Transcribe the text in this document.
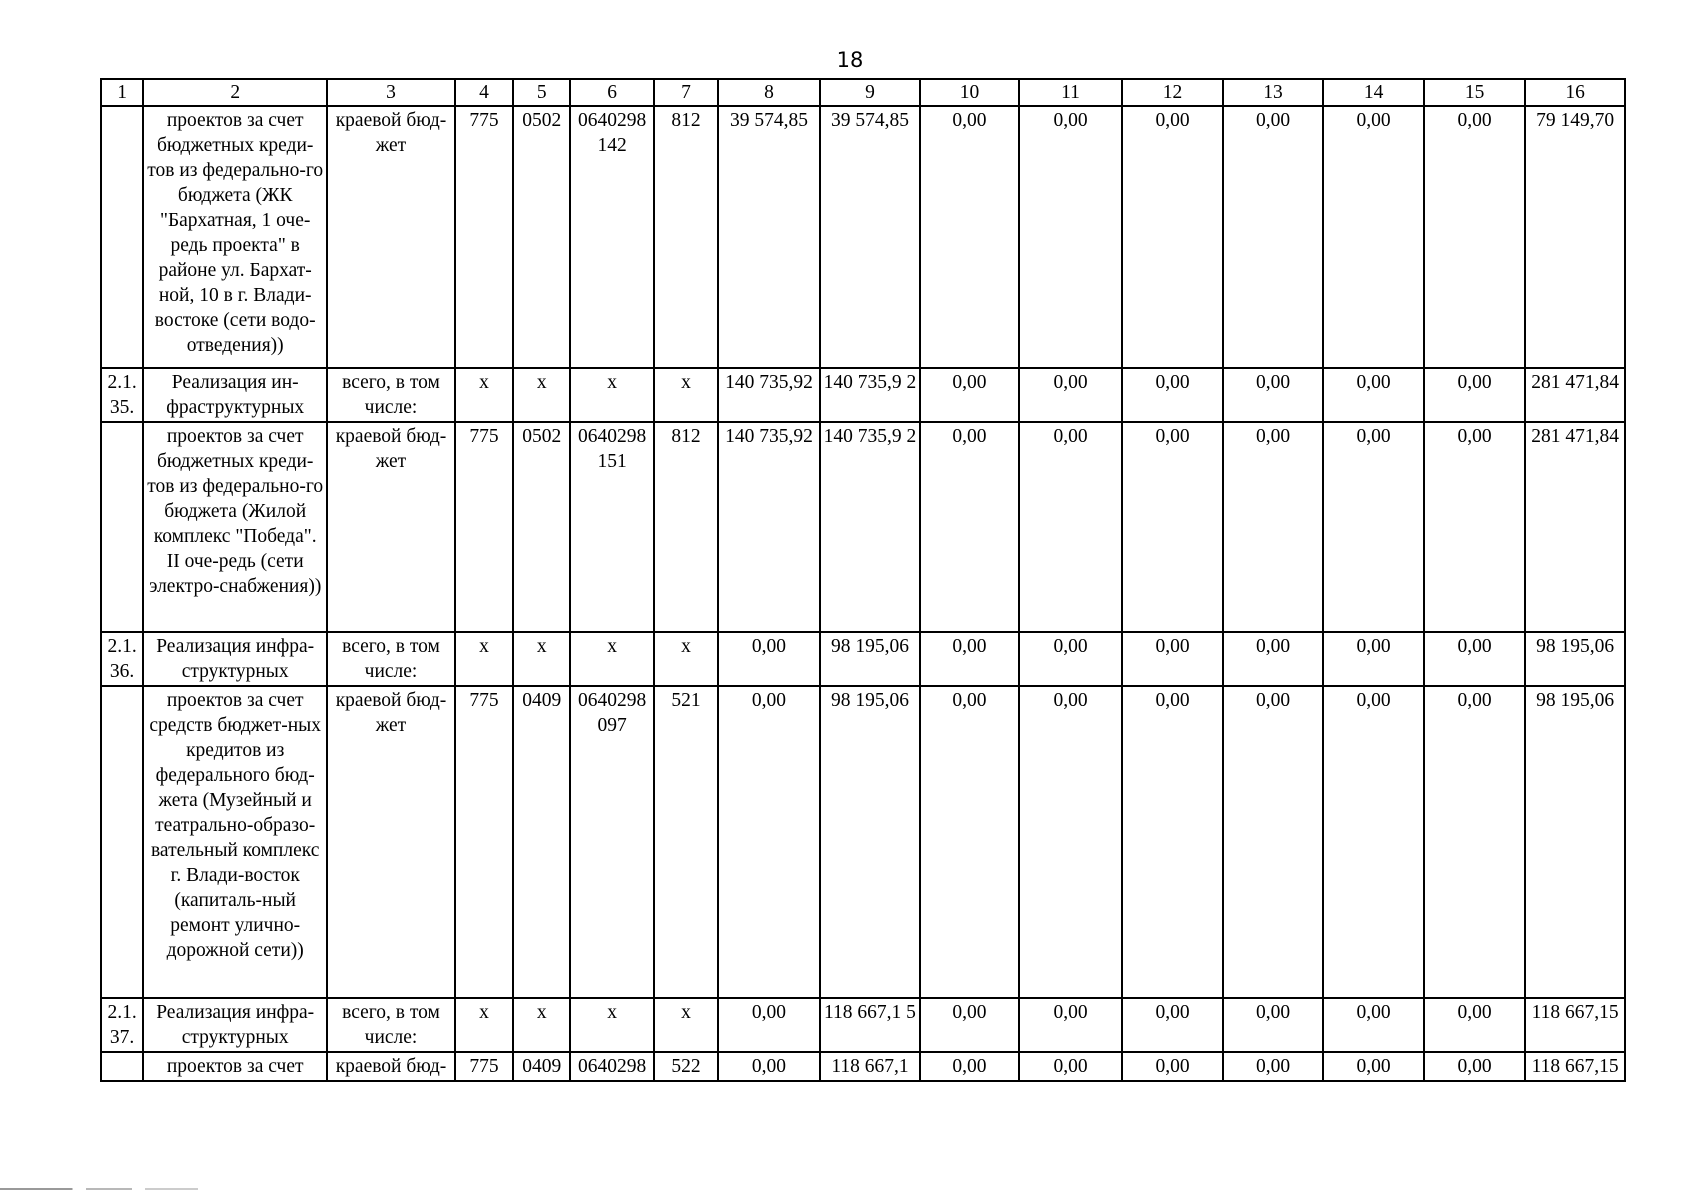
18
1	2	3	4	5	6	7	8	9	10	11	12	13	14	15	16
	проектов за счет бюджетных креди-тов из федерально-го бюджета (ЖК "Бархатная, 1 оче-редь проекта" в районе ул. Бархат-ной, 10 в г. Влади-востоке (сети водо-отведения))	краевой бюд-жет	775	0502	0640298 142	812	39 574,85	39 574,85	0,00	0,00	0,00	0,00	0,00	0,00	79 149,70
2.1. 35.	Реализация ин-фраструктурных	всего, в том числе:	х	х	х	х	140 735,92	140 735,9 2	0,00	0,00	0,00	0,00	0,00	0,00	281 471,84
	проектов за счет бюджетных креди-тов из федерально-го бюджета (Жилой комплекс "Победа". II оче-редь (сети электро-снабжения))	краевой бюд-жет	775	0502	0640298 151	812	140 735,92	140 735,9 2	0,00	0,00	0,00	0,00	0,00	0,00	281 471,84
2.1. 36.	Реализация инфра-структурных	всего, в том числе:	х	х	х	х	0,00	98 195,06	0,00	0,00	0,00	0,00	0,00	0,00	98 195,06
	проектов за счет средств бюджет-ных кредитов из федерального бюд-жета (Музейный и театрально-образо-вательный комплекс г. Влади-восток (капиталь-ный ремонт улично-дорожной сети))	краевой бюд-жет	775	0409	0640298 097	521	0,00	98 195,06	0,00	0,00	0,00	0,00	0,00	0,00	98 195,06
2.1. 37.	Реализация инфра-структурных	всего, в том числе:	х	х	х	х	0,00	118 667,1 5	0,00	0,00	0,00	0,00	0,00	0,00	118 667,15
	проектов за счет	краевой бюд-	775	0409	0640298	522	0,00	118 667,1	0,00	0,00	0,00	0,00	0,00	0,00	118 667,15
